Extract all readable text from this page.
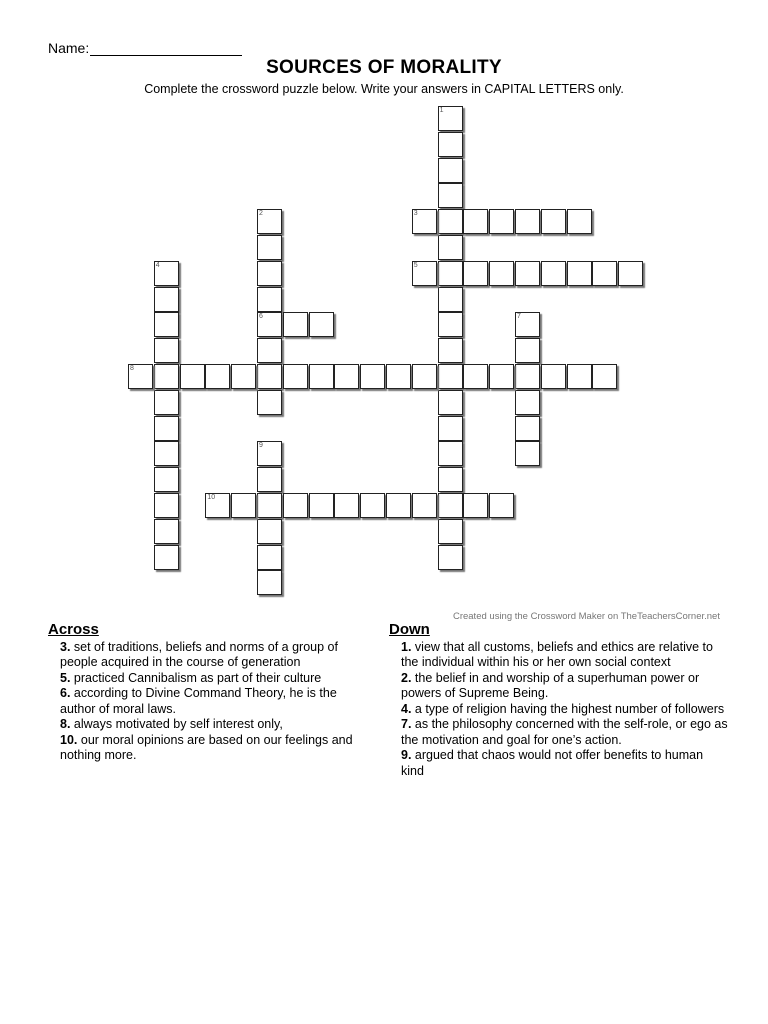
Name:
SOURCES OF MORALITY
Complete the crossword puzzle below. Write your answers in CAPITAL LETTERS only.
1
2
6
3
4	5
7
8
9
10
Created using the Crossword Maker on TheTeachersCorner.net
Across
3. set of traditions, beliefs and norms of a group of people acquired in the course of generation
5. practiced Cannibalism as part of their culture
6. according to Divine Command Theory, he is the author of moral laws.
8. always motivated by self interest only,
10. our moral opinions are based on our feelings and nothing more.
Down
1. view that all customs, beliefs and ethics are relative to the individual within his or her own social context
2. the belief in and worship of a superhuman power or powers of Supreme Being.
4. a type of religion having the highest number of followers
7. as the philosophy concerned with the self-role, or ego as the motivation and goal for one’s action.
9. argued that chaos would not offer benefits to human kind
